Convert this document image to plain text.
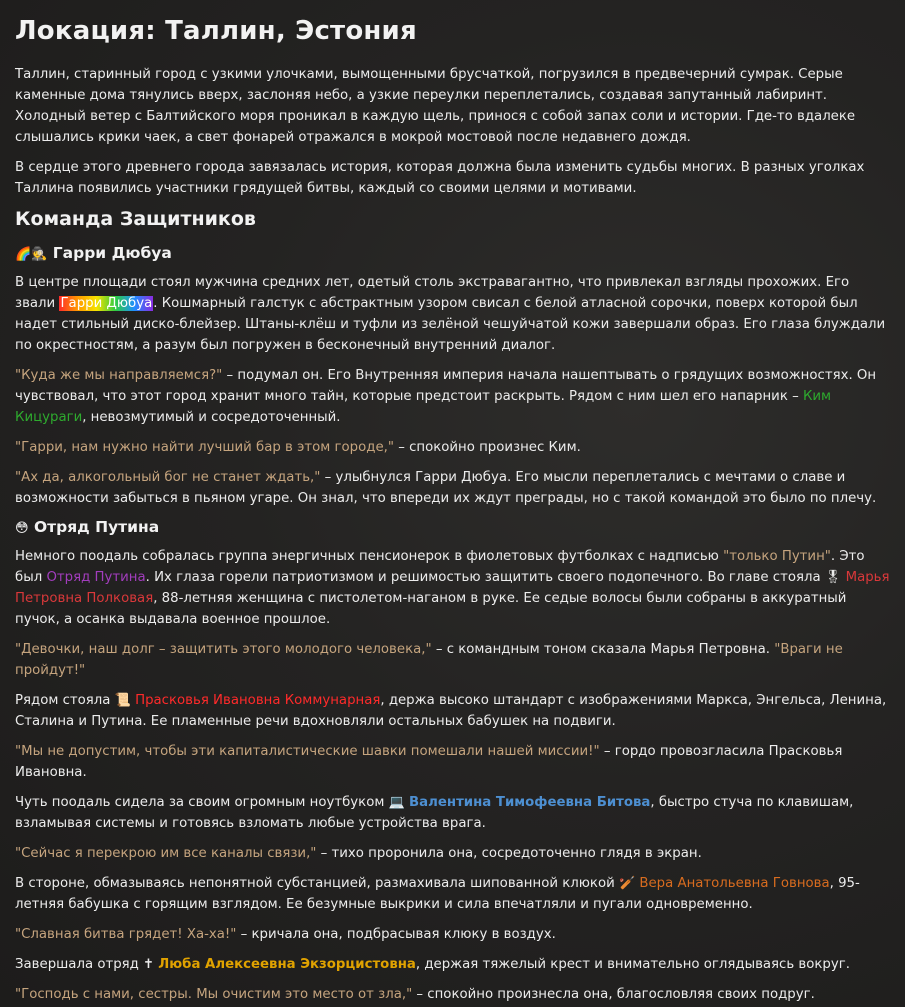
Локация: Таллин, Эстония

Таллин, старинный город с узкими улочками, вымощенными брусчаткой, погрузился в предвечерний сумрак. Серые каменные дома тянулись вверх, заслоняя небо, а узкие переулки переплетались, создавая запутанный лабиринт. Холодный ветер с Балтийского моря проникал в каждую щель, принося с собой запах соли и истории. Где-то вдалеке слышались крики чаек, а свет фонарей отражался в мокрой мостовой после недавнего дождя.

В сердце этого древнего города завязалась история, которая должна была изменить судьбы многих. В разных уголках Таллина появились участники грядущей битвы, каждый со своими целями и мотивами.

Команда Защитников
🌈🕵 Гарри Дюбуа

В центре площади стоял мужчина средних лет, одетый столь экстравагантно, что привлекал взгляды прохожих. Его звали Гарри Дюбуа. Кошмарный галстук с абстрактным узором свисал с белой атласной сорочки, поверх которой был надет стильный диско-блейзер. Штаны-клёш и туфли из зелёной чешуйчатой кожи завершали образ. Его глаза блуждали по окрестностям, а разум был погружен в бесконечный внутренний диалог.

"Куда же мы направляемся?" – подумал он. Его Внутренняя империя начала нашептывать о грядущих возможностях. Он чувствовал, что этот город хранит много тайн, которые предстоит раскрыть. Рядом с ним шел его напарник – Ким Кицураги, невозмутимый и сосредоточенный.

"Гарри, нам нужно найти лучший бар в этом городе," – спокойно произнес Ким.

"Ах да, алкогольный бог не станет ждать," – улыбнулся Гарри Дюбуа. Его мысли переплетались с мечтами о славе и возможности забыться в пьяном угаре. Он знал, что впереди их ждут преграды, но с такой командой это было по плечу.

😳 Отряд Путина

Немного поодаль собралась группа энергичных пенсионерок в фиолетовых футболках с надписью "только Путин". Это был Отряд Путина. Их глаза горели патриотизмом и решимостью защитить своего подопечного. Во главе стояла 🎖 Марья Петровна Полковая, 88-летняя женщина с пистолетом-наганом в руке. Ее седые волосы были собраны в аккуратный пучок, а осанка выдавала военное прошлое.

"Девочки, наш долг – защитить этого молодого человека," – с командным тоном сказала Марья Петровна. "Враги не пройдут!"

Рядом стояла 📜 Прасковья Ивановна Коммунарная, держа высоко штандарт с изображениями Маркса, Энгельса, Ленина, Сталина и Путина. Ее пламенные речи вдохновляли остальных бабушек на подвиги.

"Мы не допустим, чтобы эти капиталистические шавки помешали нашей миссии!" – гордо провозгласила Прасковья Ивановна.

Чуть поодаль сидела за своим огромным ноутбуком 💻 Валентина Тимофеевна Битова, быстро стуча по клавишам, взламывая системы и готовясь взломать любые устройства врага.

"Сейчас я перекрою им все каналы связи," – тихо проронила она, сосредоточенно глядя в экран.

В стороне, обмазываясь непонятной субстанцией, размахивала шипованной клюкой 🏏 Вера Анатольевна Говнова, 95-летняя бабушка с горящим взглядом. Ее безумные выкрики и сила впечатляли и пугали одновременно.

"Славная битва грядет! Ха-ха!" – кричала она, подбрасывая клюку в воздух.

Завершала отряд ✝ Люба Алексеевна Экзорцистовна, держая тяжелый крест и внимательно оглядываясь вокруг.

"Господь с нами, сестры. Мы очистим это место от зла," – спокойно произнесла она, благословляя своих подруг.
